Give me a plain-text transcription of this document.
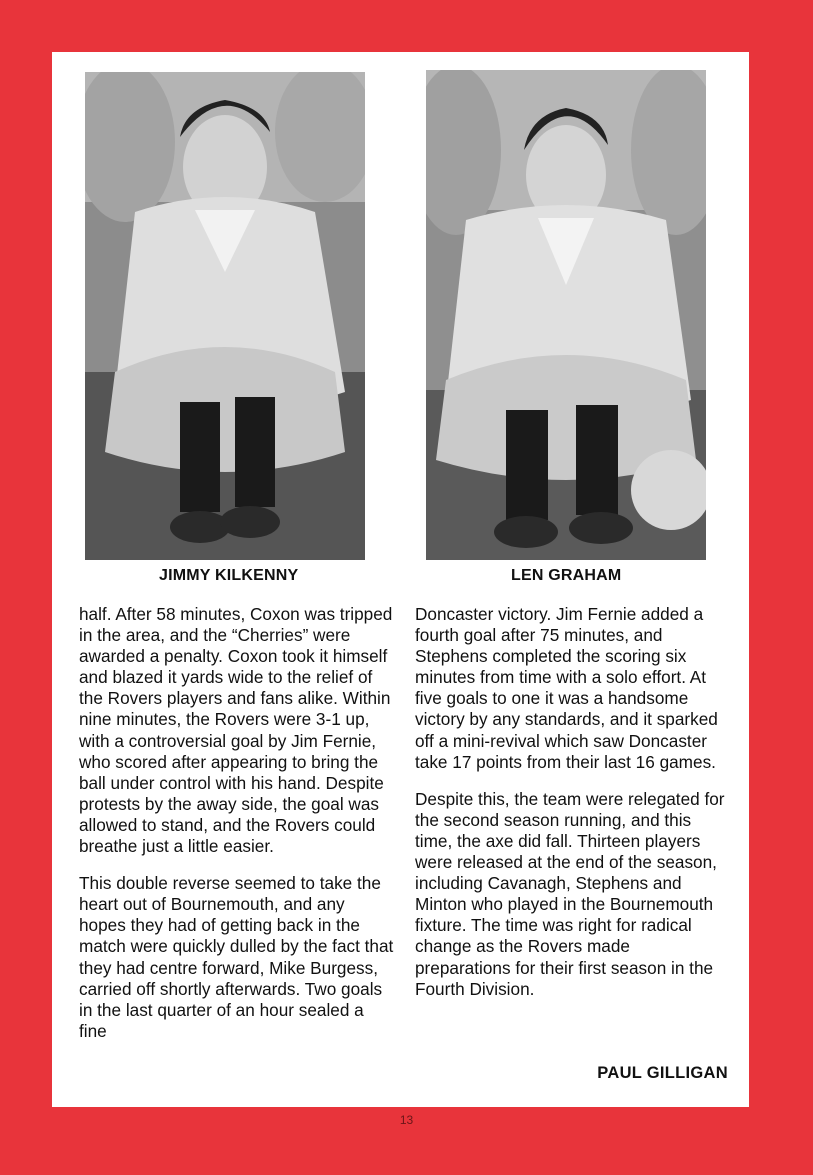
JIMMY KILKENNY	LEN GRAHAM

half. After 58 minutes, Coxon was tripped in the area, and the “Cherries” were awarded a penalty. Coxon took it himself and blazed it yards wide to the relief of the Rovers players and fans alike. Within nine minutes, the Rovers were 3-1 up, with a controversial goal by Jim Fernie, who scored after appearing to bring the ball under control with his hand. Despite protests by the away side, the goal was allowed to stand, and the Rovers could breathe just a little easier.

This double reverse seemed to take the heart out of Bournemouth, and any hopes they had of getting back in the match were quickly dulled by the fact that they had centre forward, Mike Burgess, carried off shortly afterwards. Two goals in the last quarter of an hour sealed a fine

Doncaster victory. Jim Fernie added a fourth goal after 75 minutes, and Stephens completed the scoring six minutes from time with a solo effort. At five goals to one it was a handsome victory by any standards, and it sparked off a mini-revival which saw Doncaster take 17 points from their last 16 games.

Despite this, the team were relegated for the second season running, and this time, the axe did fall. Thirteen players were released at the end of the season, including Cavanagh, Stephens and Minton who played in the Bournemouth fixture. The time was right for radical change as the Rovers made preparations for their first season in the Fourth Division.

PAUL GILLIGAN
13
